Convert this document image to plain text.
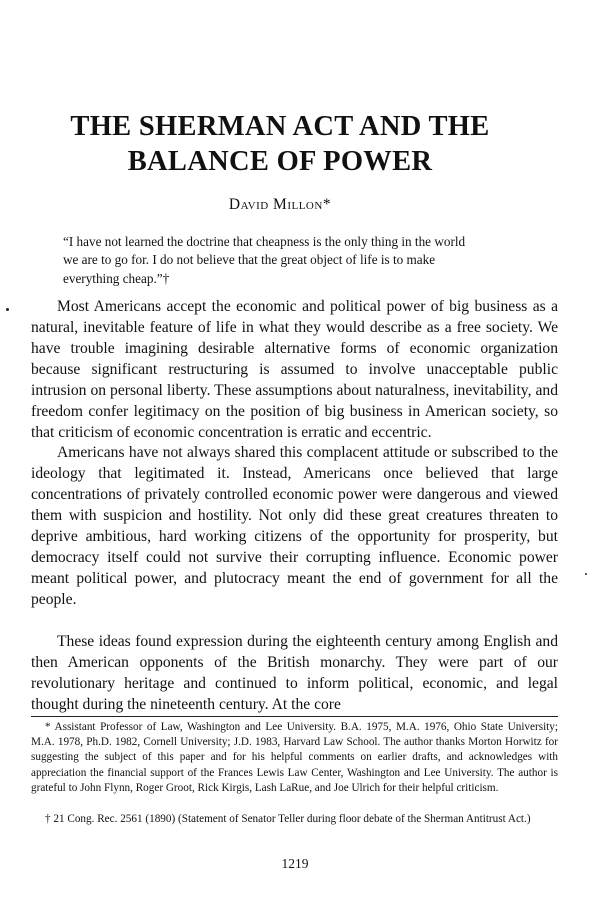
THE SHERMAN ACT AND THE
BALANCE OF POWER
David Millon*
“I have not learned the doctrine that cheapness is the only thing in the world we are to go for. I do not believe that the great object of life is to make everything cheap.”†
Most Americans accept the economic and political power of big business as a natural, inevitable feature of life in what they would describe as a free society. We have trouble imagining desirable alternative forms of economic organization because significant restructuring is assumed to involve unacceptable public intrusion on personal liberty. These assumptions about naturalness, inevitability, and freedom confer legitimacy on the position of big business in American society, so that criticism of economic concentration is erratic and eccentric.
Americans have not always shared this complacent attitude or subscribed to the ideology that legitimated it. Instead, Americans once believed that large concentrations of privately controlled economic power were dangerous and viewed them with suspicion and hostility. Not only did these great creatures threaten to deprive ambitious, hard working citizens of the opportunity for prosperity, but democracy itself could not survive their corrupting influence. Economic power meant political power, and plutocracy meant the end of government for all the people.
These ideas found expression during the eighteenth century among English and then American opponents of the British monarchy. They were part of our revolutionary heritage and continued to inform political, economic, and legal thought during the nineteenth century. At the core
* Assistant Professor of Law, Washington and Lee University. B.A. 1975, M.A. 1976, Ohio State University; M.A. 1978, Ph.D. 1982, Cornell University; J.D. 1983, Harvard Law School. The author thanks Morton Horwitz for suggesting the subject of this paper and for his helpful comments on earlier drafts, and acknowledges with appreciation the financial support of the Frances Lewis Law Center, Washington and Lee University. The author is grateful to John Flynn, Roger Groot, Rick Kirgis, Lash LaRue, and Joe Ulrich for their helpful criticism.
† 21 Cong. Rec. 2561 (1890) (Statement of Senator Teller during floor debate of the Sherman Antitrust Act.)
1219
